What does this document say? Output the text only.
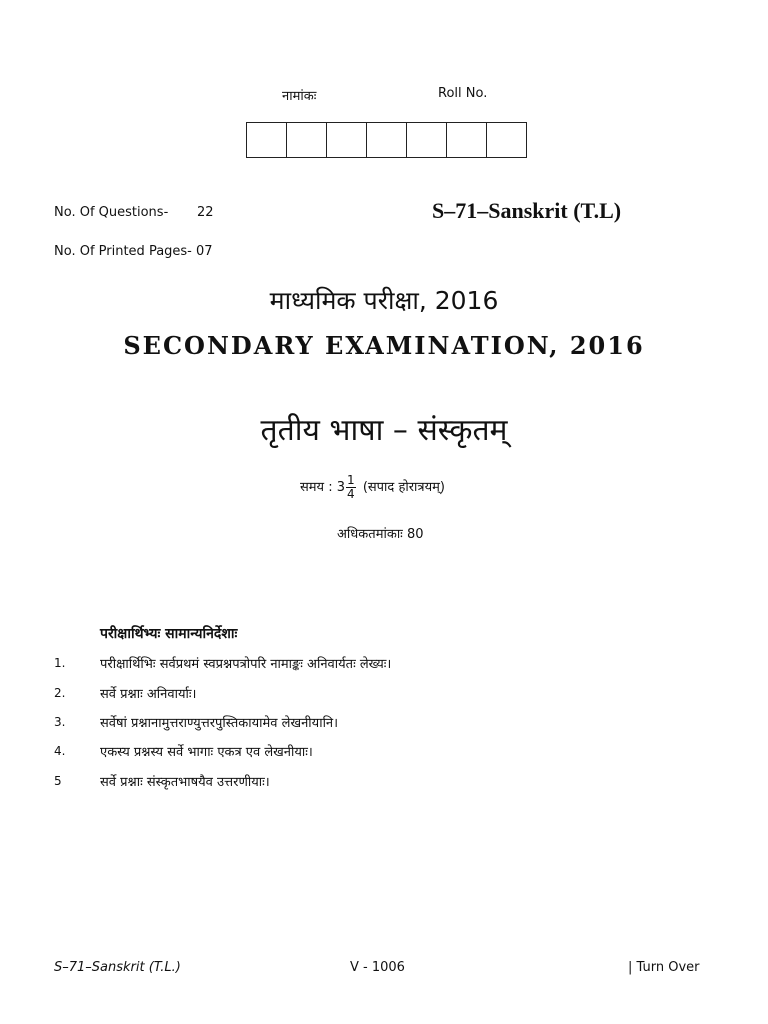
नामांकः	Roll No.
No. Of Questions- 22	S–71–Sanskrit (T.L)
No. Of Printed Pages- 07
माध्यमिक परीक्षा, 2016
SECONDARY EXAMINATION, 2016
तृतीय भाषा – संस्कृतम्
समय : $3 \frac{1}{4}$ (सपाद होरात्रयम्)
अधिकतमांकाः 80
परीक्षार्थिभ्यः सामान्यनिर्देशाः
1.	परीक्षार्थिभिः सर्वप्रथमं स्वप्रश्नपत्रोपरि नामाङ्कः अनिवार्यतः लेख्यः।
2.	सर्वे प्रश्नाः अनिवार्याः।
3.	सर्वेषां प्रश्नानामुत्तराण्युत्तरपुस्तिकायामेव लेखनीयानि।
4.	एकस्य प्रश्नस्य सर्वे भागाः एकत्र एव लेखनीयाः।
5	सर्वे प्रश्नाः संस्कृतभाषयैव उत्तरणीयाः।
S–71–Sanskrit (T.L.)	V - 1006	| Turn Over
